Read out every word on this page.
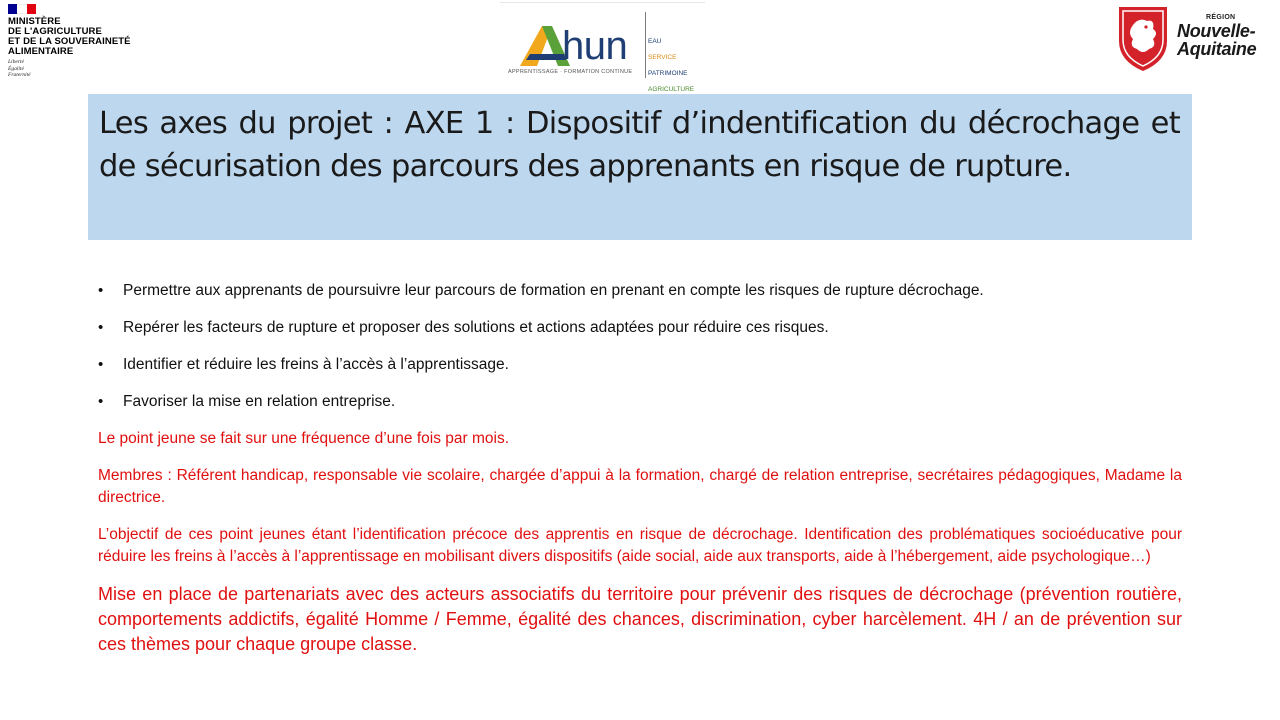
MINISTÈRE
DE L'AGRICULTURE
ET DE LA SOUVERAINETÉ
ALIMENTAIRE
Liberté
Égalité
Fraternité
hun	EAU

SERVICE

PATRIMOINE

AGRICULTURE

APPRENTISSAGE · FORMATION CONTINUE
RÉGION
Nouvelle-
Aquitaine
Les axes du projet : AXE 1 : Dispositif d’indentification du décrochage et de sécurisation des parcours des apprenants en risque de rupture.
• Permettre aux apprenants de poursuivre leur parcours de formation en prenant en compte les risques de rupture décrochage.
• Repérer les facteurs de rupture et proposer des solutions et actions adaptées pour réduire ces risques.
• Identifier et réduire les freins à l’accès à l’apprentissage.
• Favoriser la mise en relation entreprise.

Le point jeune se fait sur une fréquence d’une fois par mois.

Membres : Référent handicap, responsable vie scolaire, chargée d’appui à la formation, chargé de relation entreprise, secrétaires pédagogiques, Madame la directrice.

L’objectif de ces point jeunes étant l’identification précoce des apprentis en risque de décrochage. Identification des problématiques socioéducative pour réduire les freins à l’accès à l’apprentissage en mobilisant divers dispositifs (aide social, aide aux transports, aide à l’hébergement, aide psychologique…)

Mise en place de partenariats avec des acteurs associatifs du territoire pour prévenir des risques de décrochage (prévention routière, comportements addictifs, égalité Homme / Femme, égalité des chances, discrimination, cyber harcèlement. 4H / an de prévention sur ces thèmes pour chaque groupe classe.
